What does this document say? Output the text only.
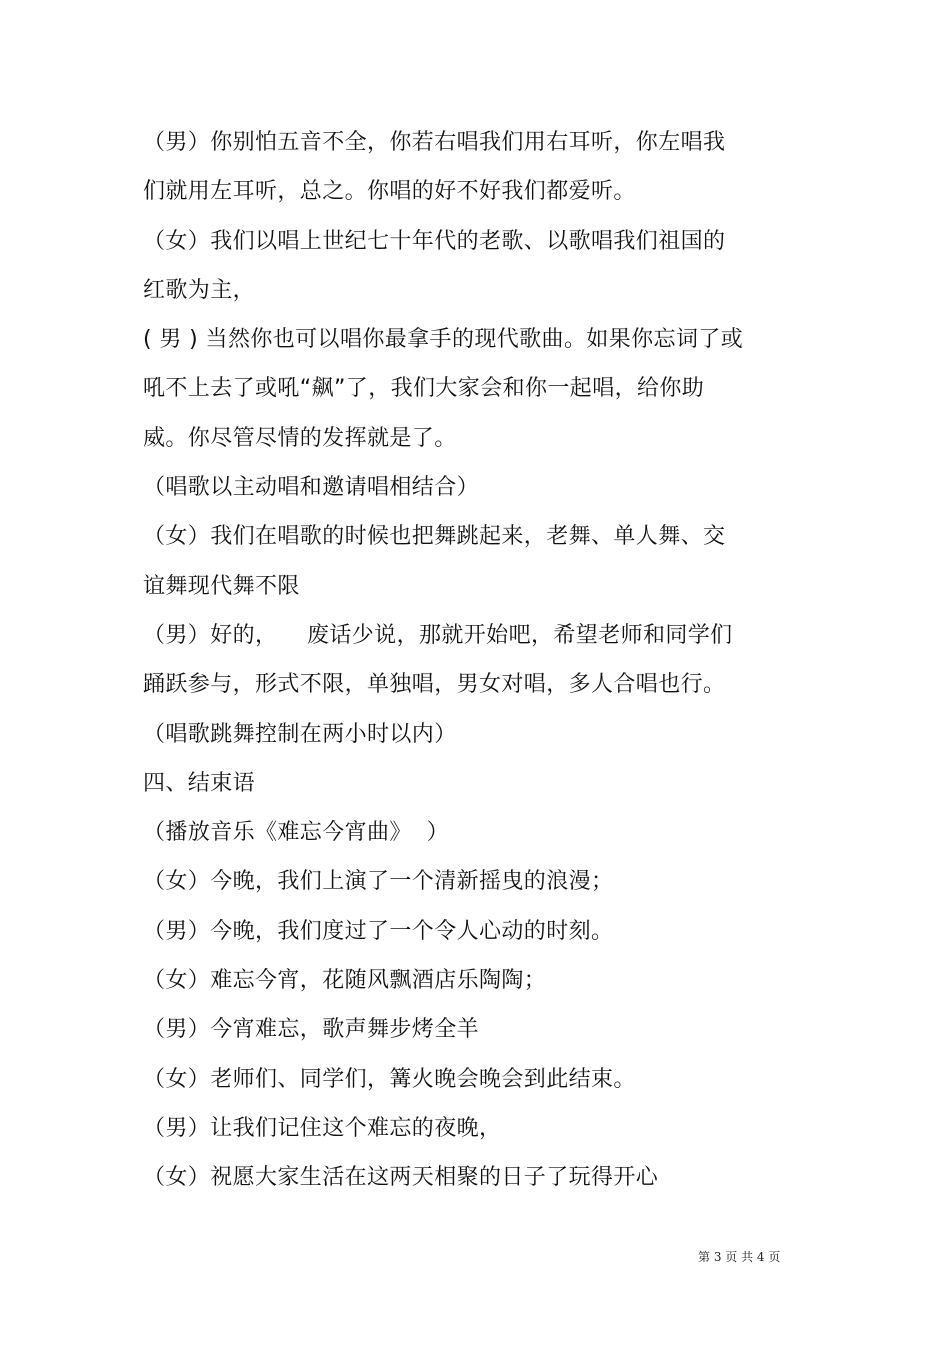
（男）你别怕五音不全，你若右唱我们用右耳听，你左唱我
们就用左耳听，总之。你唱的好不好我们都爱听。
（女）我们以唱上世纪七十年代的老歌、以歌唱我们祖国的
红歌为主，
( 男 ) 当然你也可以唱你最拿手的现代歌曲。如果你忘词了或
吼不上去了或吼“飙”了，我们大家会和你一起唱，给你助
威。你尽管尽情的发挥就是了。
（唱歌以主动唱和邀请唱相结合）
（女）我们在唱歌的时候也把舞跳起来，老舞、单人舞、交
谊舞现代舞不限
（男）好的，    废话少说，那就开始吧，希望老师和同学们
踊跃参与，形式不限，单独唱，男女对唱，多人合唱也行。
（唱歌跳舞控制在两小时以内）
四、结束语
（播放音乐《难忘今宵曲》  ）
（女）今晚，我们上演了一个清新摇曳的浪漫；
（男）今晚，我们度过了一个令人心动的时刻。
（女）难忘今宵，花随风飘酒店乐陶陶；
（男）今宵难忘，歌声舞步烤全羊
（女）老师们、同学们，篝火晚会晚会到此结束。
（男）让我们记住这个难忘的夜晚，
（女）祝愿大家生活在这两天相聚的日子了玩得开心
第 3 页 共 4 页
